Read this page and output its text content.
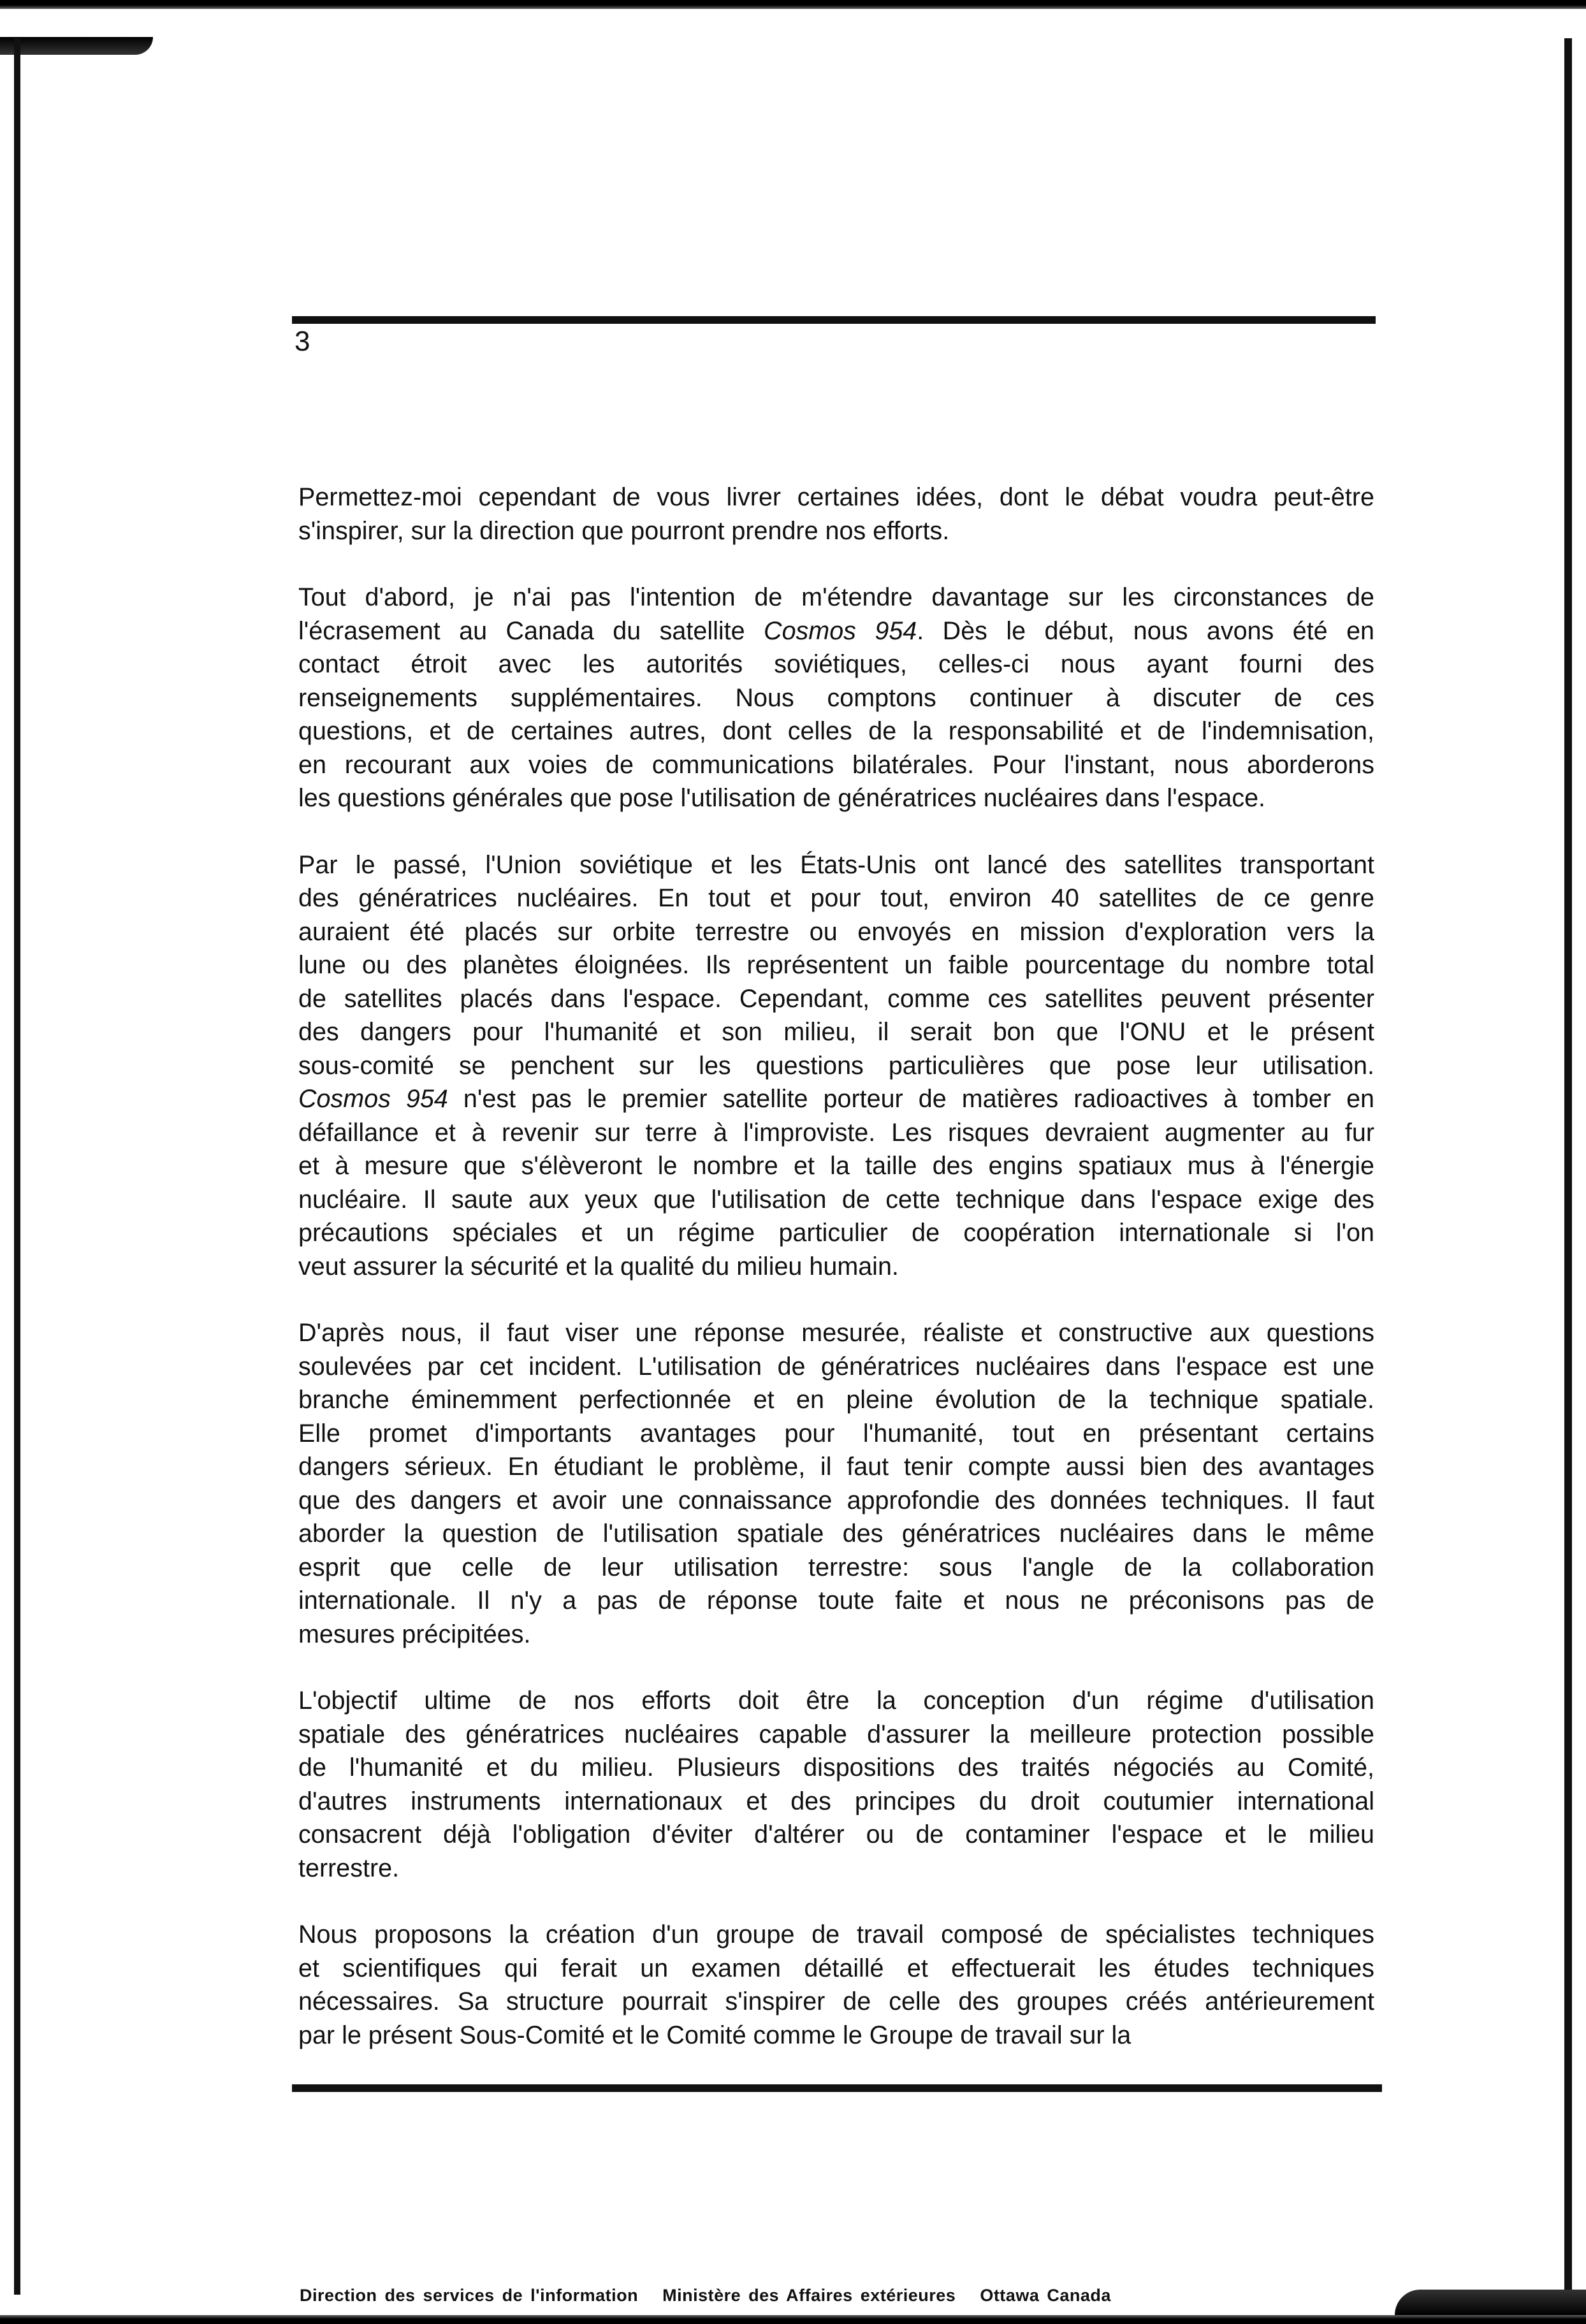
3

Permettez-moi cependant de vous livrer certaines idées, dont le débat voudra peut-être
s'inspirer, sur la direction que pourront prendre nos efforts.

Tout d'abord, je n'ai pas l'intention de m'étendre davantage sur les circonstances de
l'écrasement au Canada du satellite Cosmos 954. Dès le début, nous avons été en
contact étroit avec les autorités soviétiques, celles-ci nous ayant fourni des
renseignements supplémentaires. Nous comptons continuer à discuter de ces
questions, et de certaines autres, dont celles de la responsabilité et de l'indemnisation,
en recourant aux voies de communications bilatérales. Pour l'instant, nous aborderons
les questions générales que pose l'utilisation de génératrices nucléaires dans l'espace.

Par le passé, l'Union soviétique et les États-Unis ont lancé des satellites transportant
des génératrices nucléaires. En tout et pour tout, environ 40 satellites de ce genre
auraient été placés sur orbite terrestre ou envoyés en mission d'exploration vers la
lune ou des planètes éloignées. Ils représentent un faible pourcentage du nombre total
de satellites placés dans l'espace. Cependant, comme ces satellites peuvent présenter
des dangers pour l'humanité et son milieu, il serait bon que l'ONU et le présent
sous-comité se penchent sur les questions particulières que pose leur utilisation.
Cosmos 954 n'est pas le premier satellite porteur de matières radioactives à tomber en
défaillance et à revenir sur terre à l'improviste. Les risques devraient augmenter au fur
et à mesure que s'élèveront le nombre et la taille des engins spatiaux mus à l'énergie
nucléaire. Il saute aux yeux que l'utilisation de cette technique dans l'espace exige des
précautions spéciales et un régime particulier de coopération internationale si l'on
veut assurer la sécurité et la qualité du milieu humain.

D'après nous, il faut viser une réponse mesurée, réaliste et constructive aux questions
soulevées par cet incident. L'utilisation de génératrices nucléaires dans l'espace est une
branche éminemment perfectionnée et en pleine évolution de la technique spatiale.
Elle promet d'importants avantages pour l'humanité, tout en présentant certains
dangers sérieux. En étudiant le problème, il faut tenir compte aussi bien des avantages
que des dangers et avoir une connaissance approfondie des données techniques. Il faut
aborder la question de l'utilisation spatiale des génératrices nucléaires dans le même
esprit que celle de leur utilisation terrestre: sous l'angle de la collaboration
internationale. Il n'y a pas de réponse toute faite et nous ne préconisons pas de
mesures précipitées.

L'objectif ultime de nos efforts doit être la conception d'un régime d'utilisation
spatiale des génératrices nucléaires capable d'assurer la meilleure protection possible
de l'humanité et du milieu. Plusieurs dispositions des traités négociés au Comité,
d'autres instruments internationaux et des principes du droit coutumier international
consacrent déjà l'obligation d'éviter d'altérer ou de contaminer l'espace et le milieu
terrestre.

Nous proposons la création d'un groupe de travail composé de spécialistes techniques
et scientifiques qui ferait un examen détaillé et effectuerait les études techniques
nécessaires. Sa structure pourrait s'inspirer de celle des groupes créés antérieurement
par le présent Sous-Comité et le Comité comme le Groupe de travail sur la

Direction des services de l'information Ministère des Affaires extérieures Ottawa Canada
